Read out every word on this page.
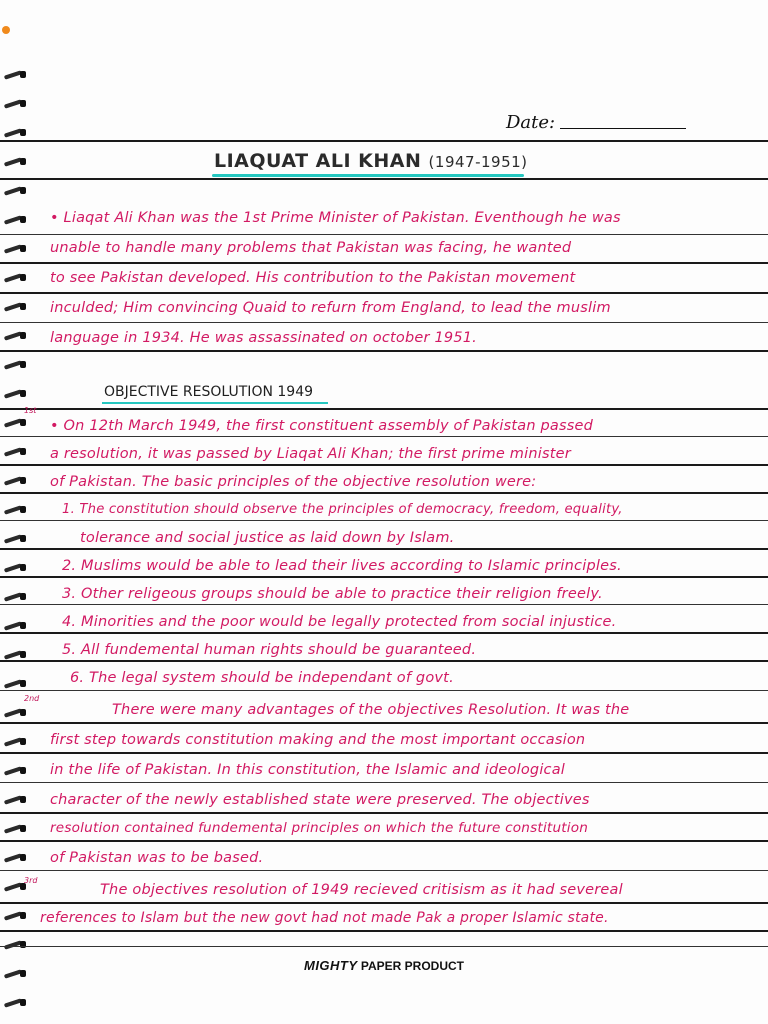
Date:
LIAQUAT ALI KHAN (1947-1951)
• Liaqat Ali Khan was the 1st Prime Minister of Pakistan. Eventhough he was
unable to handle many problems that Pakistan was facing, he wanted
to see Pakistan developed. His contribution to the Pakistan movement
inculded; Him convincing Quaid to refurn from England, to lead the muslim
language in 1934. He was assassinated on october 1951.
OBJECTIVE RESOLUTION 1949
1st
2nd
3rd
• On 12th March 1949, the first constituent assembly of Pakistan passed
a resolution, it was passed by Liaqat Ali Khan; the first prime minister
of Pakistan. The basic principles of the objective resolution were:
1. The constitution should observe the principles of democracy, freedom, equality,
tolerance and social justice as laid down by Islam.
2. Muslims would be able to lead their lives according to Islamic principles.
3. Other religeous groups should be able to practice their religion freely.
4. Minorities and the poor would be legally protected from social injustice.
5. All fundemental human rights should be guaranteed.
6. The legal system should be independant of govt.
There were many advantages of the objectives Resolution. It was the
first step towards constitution making and the most important occasion
in the life of Pakistan. In this constitution, the Islamic and ideological
character of the newly established state were preserved. The objectives
resolution contained fundemental principles on which the future constitution
of Pakistan was to be based.
The objectives resolution of 1949 recieved critisism as it had severeal
references to Islam but the new govt had not made Pak a proper Islamic state.
MIGHTY PAPER PRODUCT
